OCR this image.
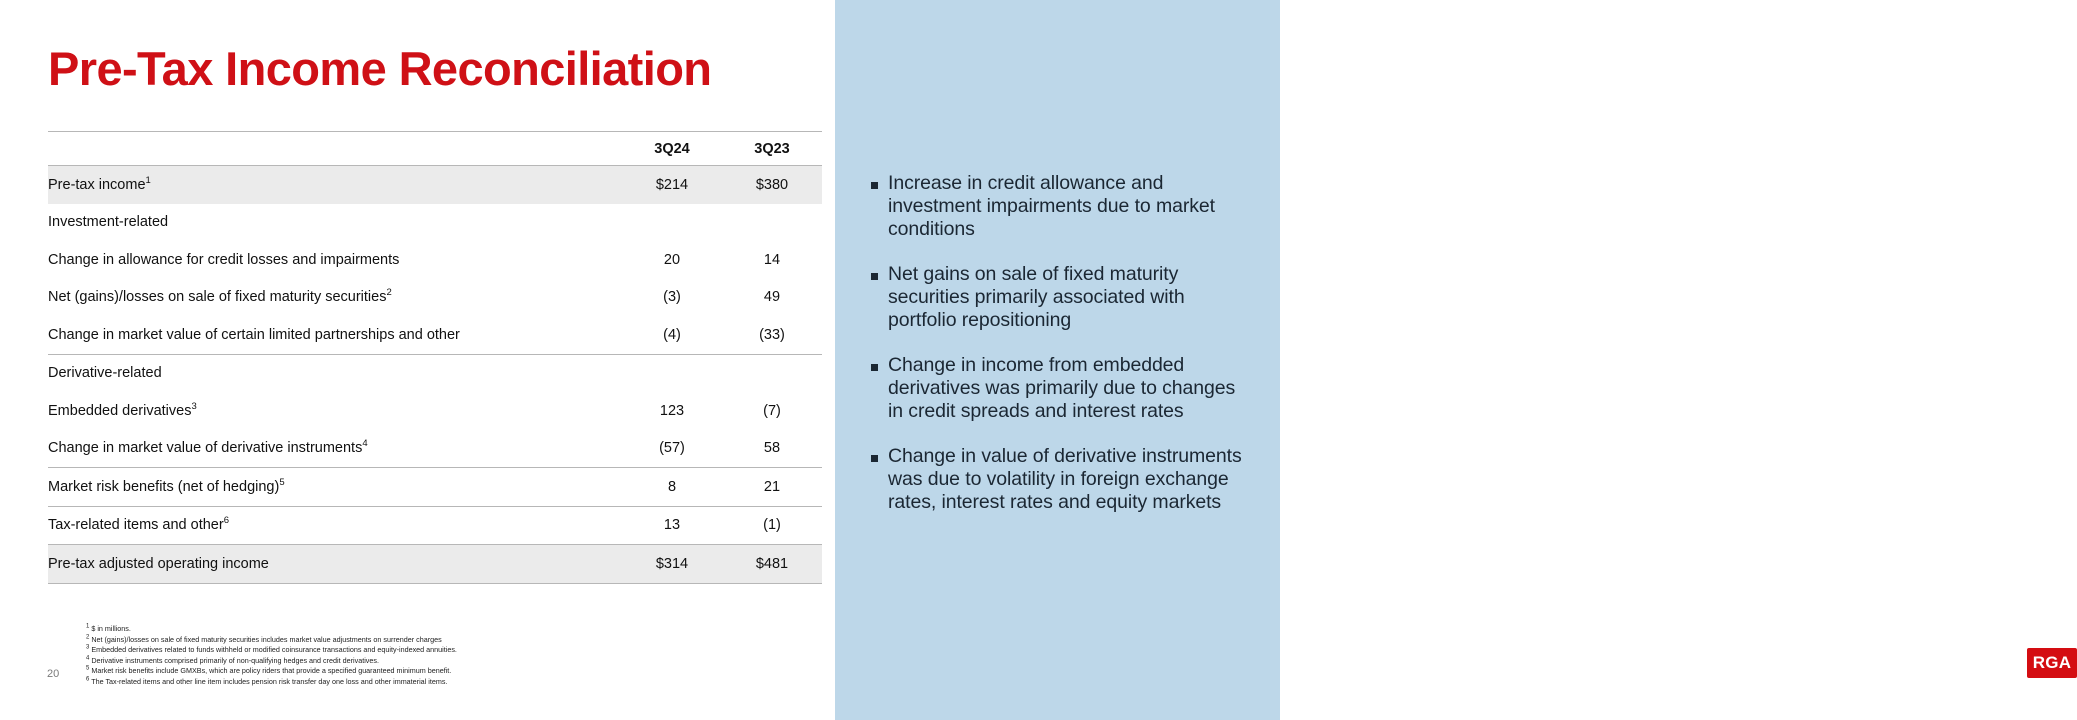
Pre-Tax Income Reconciliation
	3Q24	3Q23
Pre-tax income$^1$	$214	$380
Investment-related		
Change in allowance for credit losses and impairments	20	14
Net (gains)/losses on sale of fixed maturity securities$^2$	(3)	49
Change in market value of certain limited partnerships and other	(4)	(33)
Derivative-related		
Embedded derivatives$^3$	123	(7)
Change in market value of derivative instruments$^4$	(57)	58
Market risk benefits (net of hedging)$^5$	8	21
Tax-related items and other$^6$	13	(1)
Pre-tax adjusted operating income	$314	$481
$^1$ $ in millions.
$^2$ Net (gains)/losses on sale of fixed maturity securities includes market value adjustments on surrender charges
$^3$ Embedded derivatives related to funds withheld or modified coinsurance transactions and equity-indexed annuities.
$^4$ Derivative instruments comprised primarily of non-qualifying hedges and credit derivatives.
$^5$ Market risk benefits include GMXBs, which are policy riders that provide a specified guaranteed minimum benefit.
$^6$ The Tax-related items and other line item includes pension risk transfer day one loss and other immaterial items.
20
Increase in credit allowance and investment impairments due to market conditions
Net gains on sale of fixed maturity securities primarily associated with portfolio repositioning
Change in income from embedded derivatives was primarily due to changes in credit spreads and interest rates
Change in value of derivative instruments was due to volatility in foreign exchange rates, interest rates and equity markets
RGA
